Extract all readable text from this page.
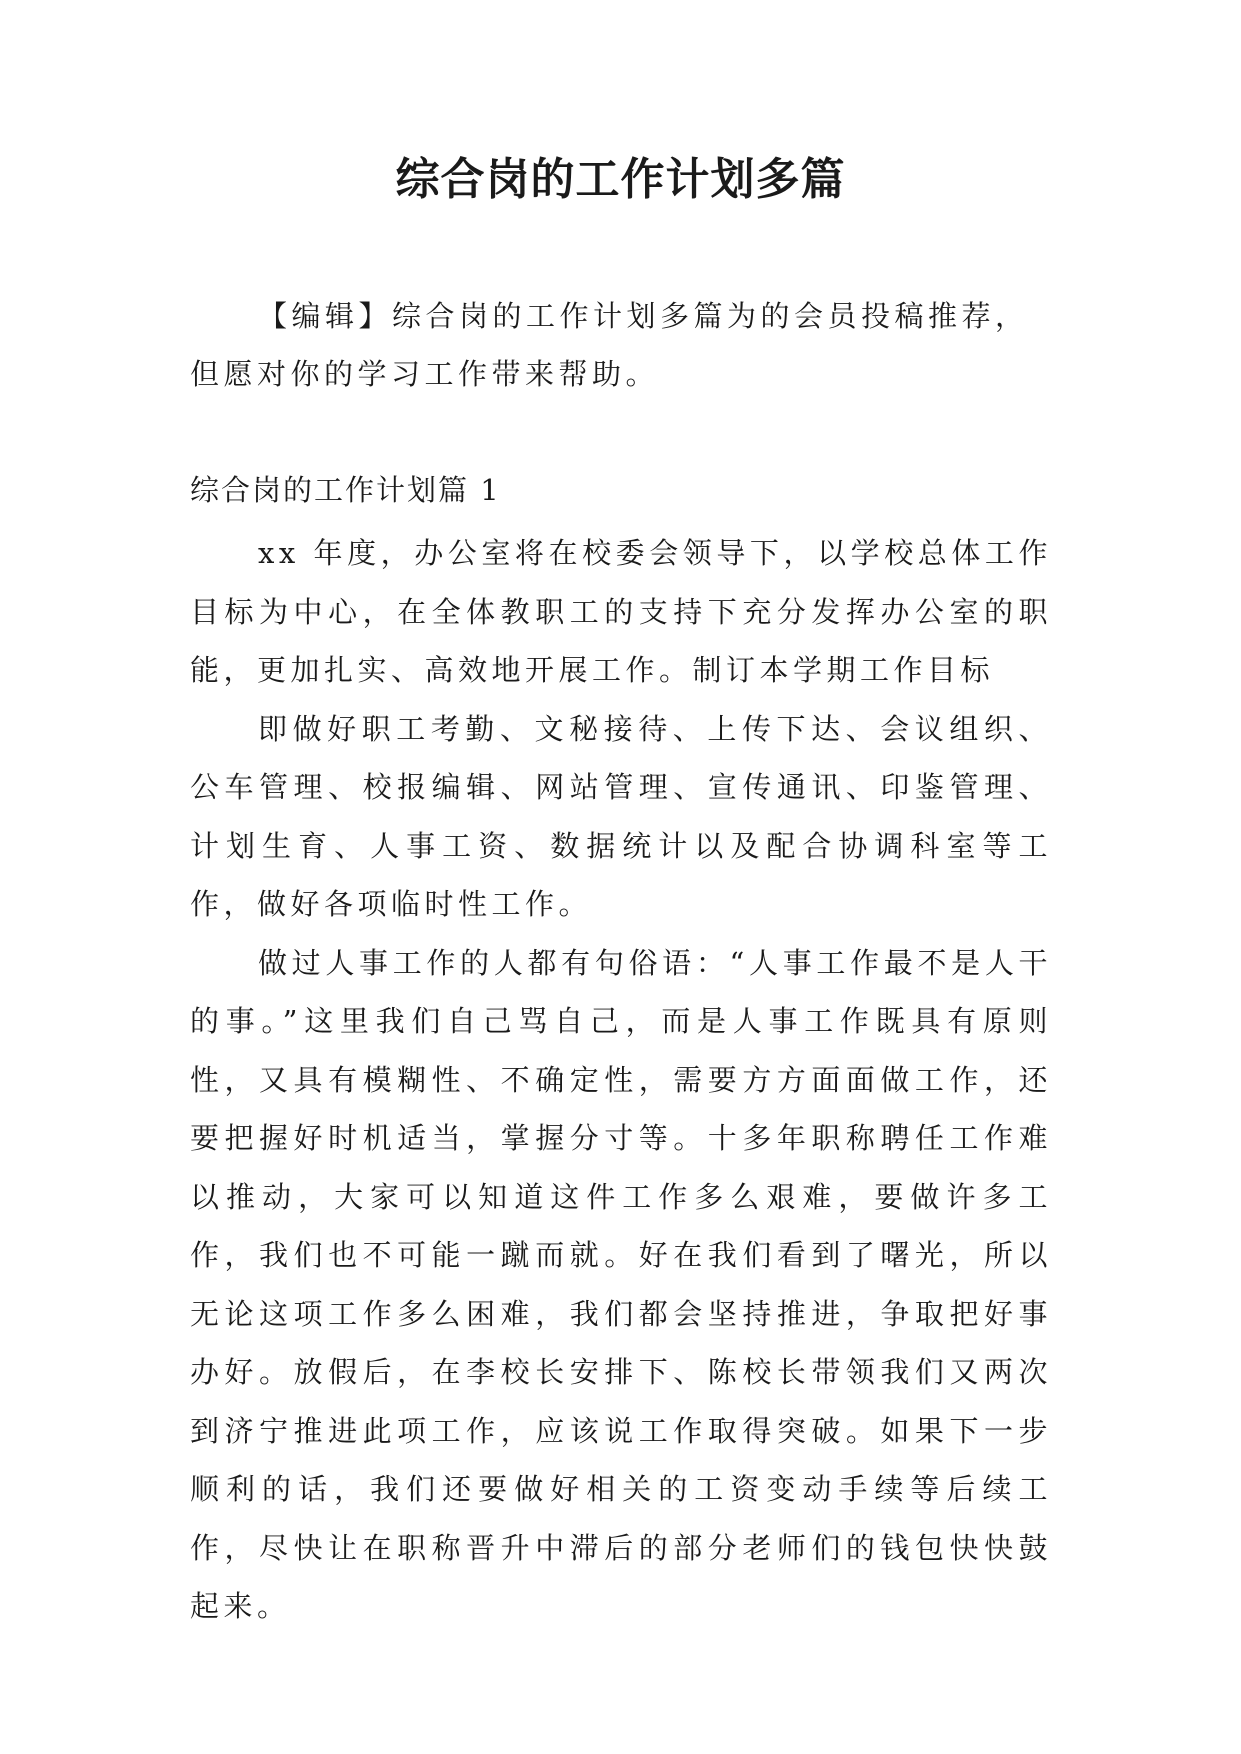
综合岗的工作计划多篇

【编辑】综合岗的工作计划多篇为的会员投稿推荐，但愿对你的学习工作带来帮助。

综合岗的工作计划篇 1

xx 年度，办公室将在校委会领导下，以学校总体工作目标为中心，在全体教职工的支持下充分发挥办公室的职能，更加扎实、高效地开展工作。制订本学期工作目标

即做好职工考勤、文秘接待、上传下达、会议组织、公车管理、校报编辑、网站管理、宣传通讯、印鉴管理、计划生育、人事工资、数据统计以及配合协调科室等工作，做好各项临时性工作。

做过人事工作的人都有句俗语：“人事工作最不是人干的事。”这里我们自己骂自己，而是人事工作既具有原则性，又具有模糊性、不确定性，需要方方面面做工作，还要把握好时机适当，掌握分寸等。十多年职称聘任工作难以推动，大家可以知道这件工作多么艰难，要做许多工作，我们也不可能一蹴而就。好在我们看到了曙光，所以无论这项工作多么困难，我们都会坚持推进，争取把好事办好。放假后，在李校长安排下、陈校长带领我们又两次到济宁推进此项工作，应该说工作取得突破。如果下一步顺利的话，我们还要做好相关的工资变动手续等后续工作，尽快让在职称晋升中滞后的部分老师们的钱包快快鼓起来。
